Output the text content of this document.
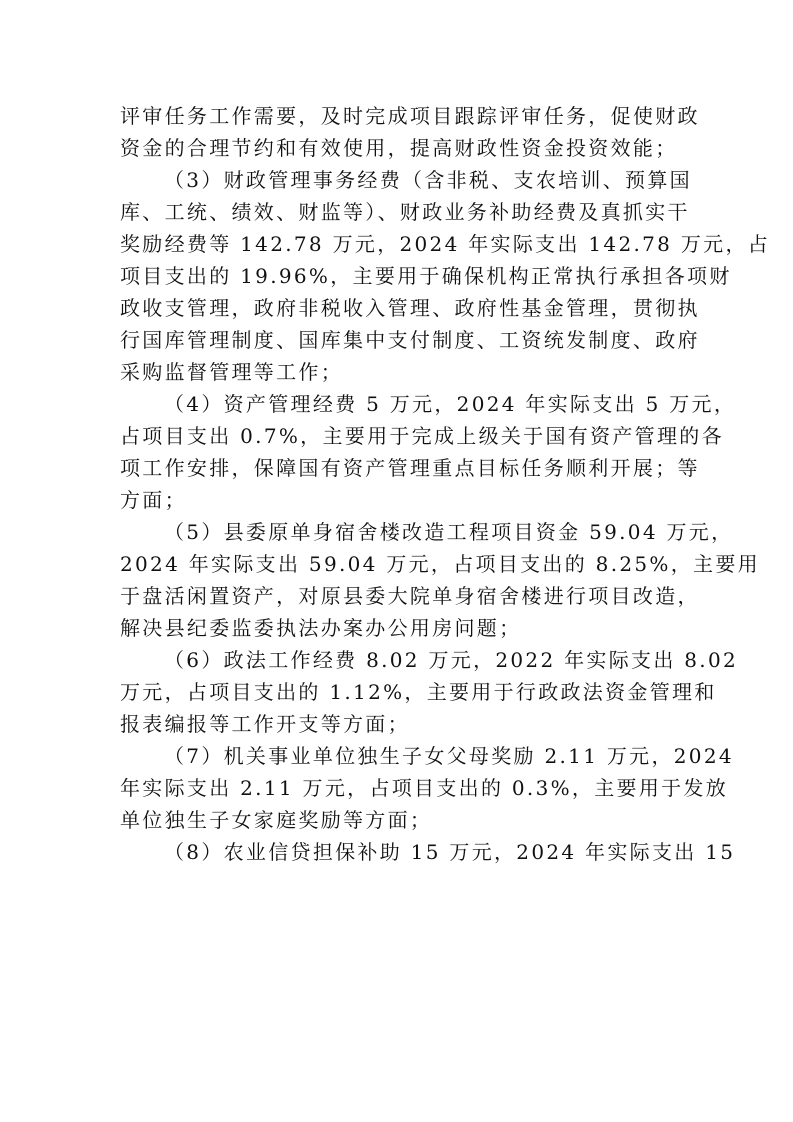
评审任务工作需要，及时完成项目跟踪评审任务，促使财政
资金的合理节约和有效使用，提高财政性资金投资效能；
（3）财政管理事务经费（含非税、支农培训、预算国
库、工统、绩效、财监等）、财政业务补助经费及真抓实干
奖励经费等 142.78 万元，2024 年实际支出 142.78 万元，占
项目支出的 19.96%，主要用于确保机构正常执行承担各项财
政收支管理，政府非税收入管理、政府性基金管理，贯彻执
行国库管理制度、国库集中支付制度、工资统发制度、政府
采购监督管理等工作；
（4）资产管理经费 5 万元，2024 年实际支出 5 万元，
占项目支出 0.7%，主要用于完成上级关于国有资产管理的各
项工作安排，保障国有资产管理重点目标任务顺利开展；等
方面；
（5）县委原单身宿舍楼改造工程项目资金 59.04 万元，
2024 年实际支出 59.04 万元，占项目支出的 8.25%，主要用
于盘活闲置资产，对原县委大院单身宿舍楼进行项目改造，
解决县纪委监委执法办案办公用房问题；
（6）政法工作经费 8.02 万元，2022 年实际支出 8.02
万元，占项目支出的 1.12%，主要用于行政政法资金管理和
报表编报等工作开支等方面；
（7）机关事业单位独生子女父母奖励 2.11 万元，2024
年实际支出 2.11 万元，占项目支出的 0.3%，主要用于发放
单位独生子女家庭奖励等方面；
（8）农业信贷担保补助 15 万元，2024 年实际支出 15
